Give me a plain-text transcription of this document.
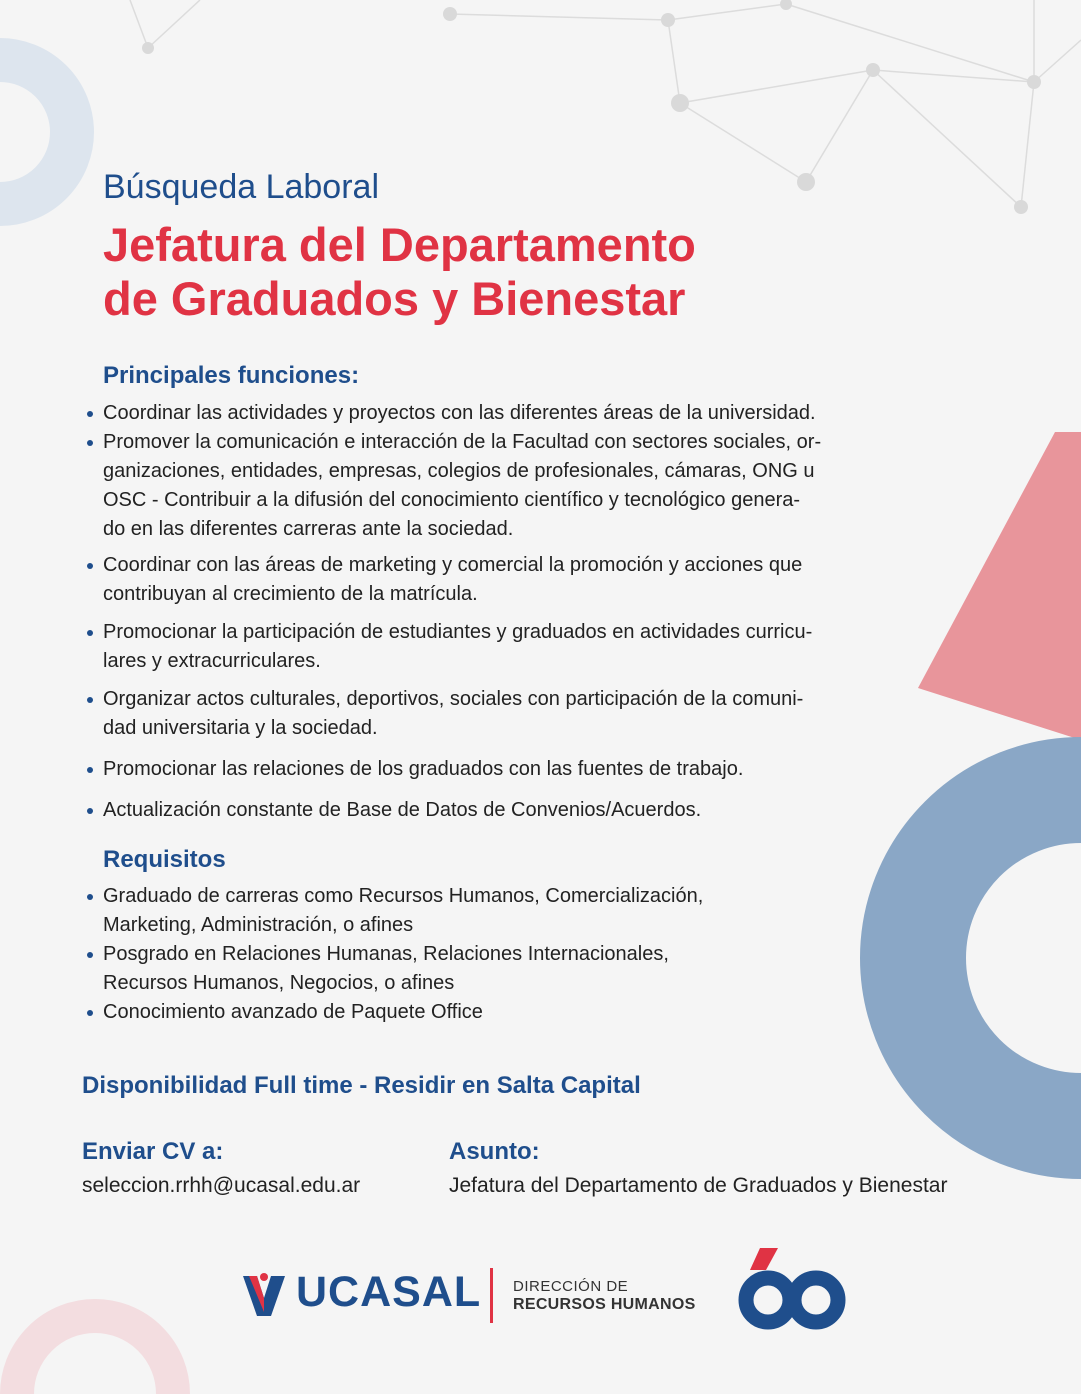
Búsqueda Laboral
Jefatura del Departamento
de Graduados y Bienestar
Principales funciones:
Coordinar las actividades y proyectos con las diferentes áreas de la universidad.
Promover la comunicación e interacción de la Facultad con sectores sociales, or-
ganizaciones, entidades, empresas, colegios de profesionales, cámaras, ONG u
OSC - Contribuir a la difusión del conocimiento científico y tecnológico genera-
do en las diferentes carreras ante la sociedad.
Coordinar con las áreas de marketing y comercial la promoción y acciones que
contribuyan al crecimiento de la matrícula.
Promocionar la participación de estudiantes y graduados en actividades curricu-
lares y extracurriculares.
Organizar actos culturales, deportivos, sociales con participación de la comuni-
dad universitaria y la sociedad.
Promocionar las relaciones de los graduados con las fuentes de trabajo.
Actualización constante de Base de Datos de Convenios/Acuerdos.
Requisitos
Graduado de carreras como Recursos Humanos, Comercialización,
Marketing, Administración, o afines
Posgrado en Relaciones Humanas, Relaciones Internacionales,
Recursos Humanos, Negocios, o afines
Conocimiento avanzado de Paquete Office
Disponibilidad Full time - Residir en Salta Capital
Enviar CV a:
seleccion.rrhh@ucasal.edu.ar
Asunto:
Jefatura del Departamento de Graduados y Bienestar
UCASAL DIRECCIÓN DE
RECURSOS HUMANOS
